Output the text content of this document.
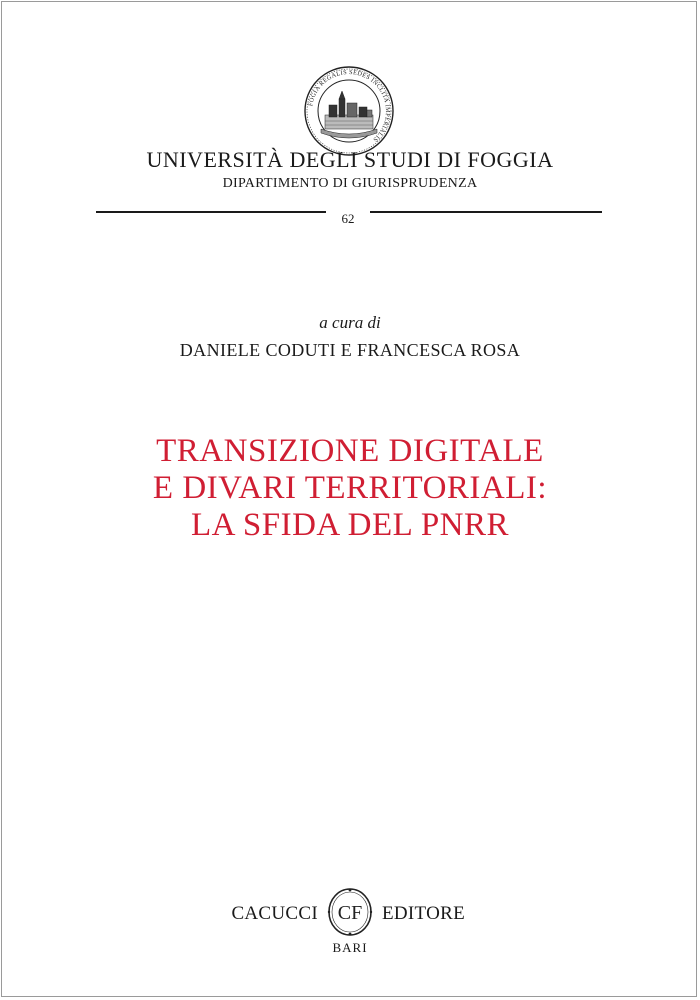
FOGIA REGALIS SEDES INCLITA IMPERIALIS
UNIVERSITÀ DEGLI STUDI DI FOGGIA
DIPARTIMENTO DI GIURISPRUDENZA
62
a cura di
DANIELE CODUTI E FRANCESCA ROSA
TRANSIZIONE DIGITALE
E DIVARI TERRITORIALI:
LA SFIDA DEL PNRR
CACUCCI CF EDITORE
BARI
